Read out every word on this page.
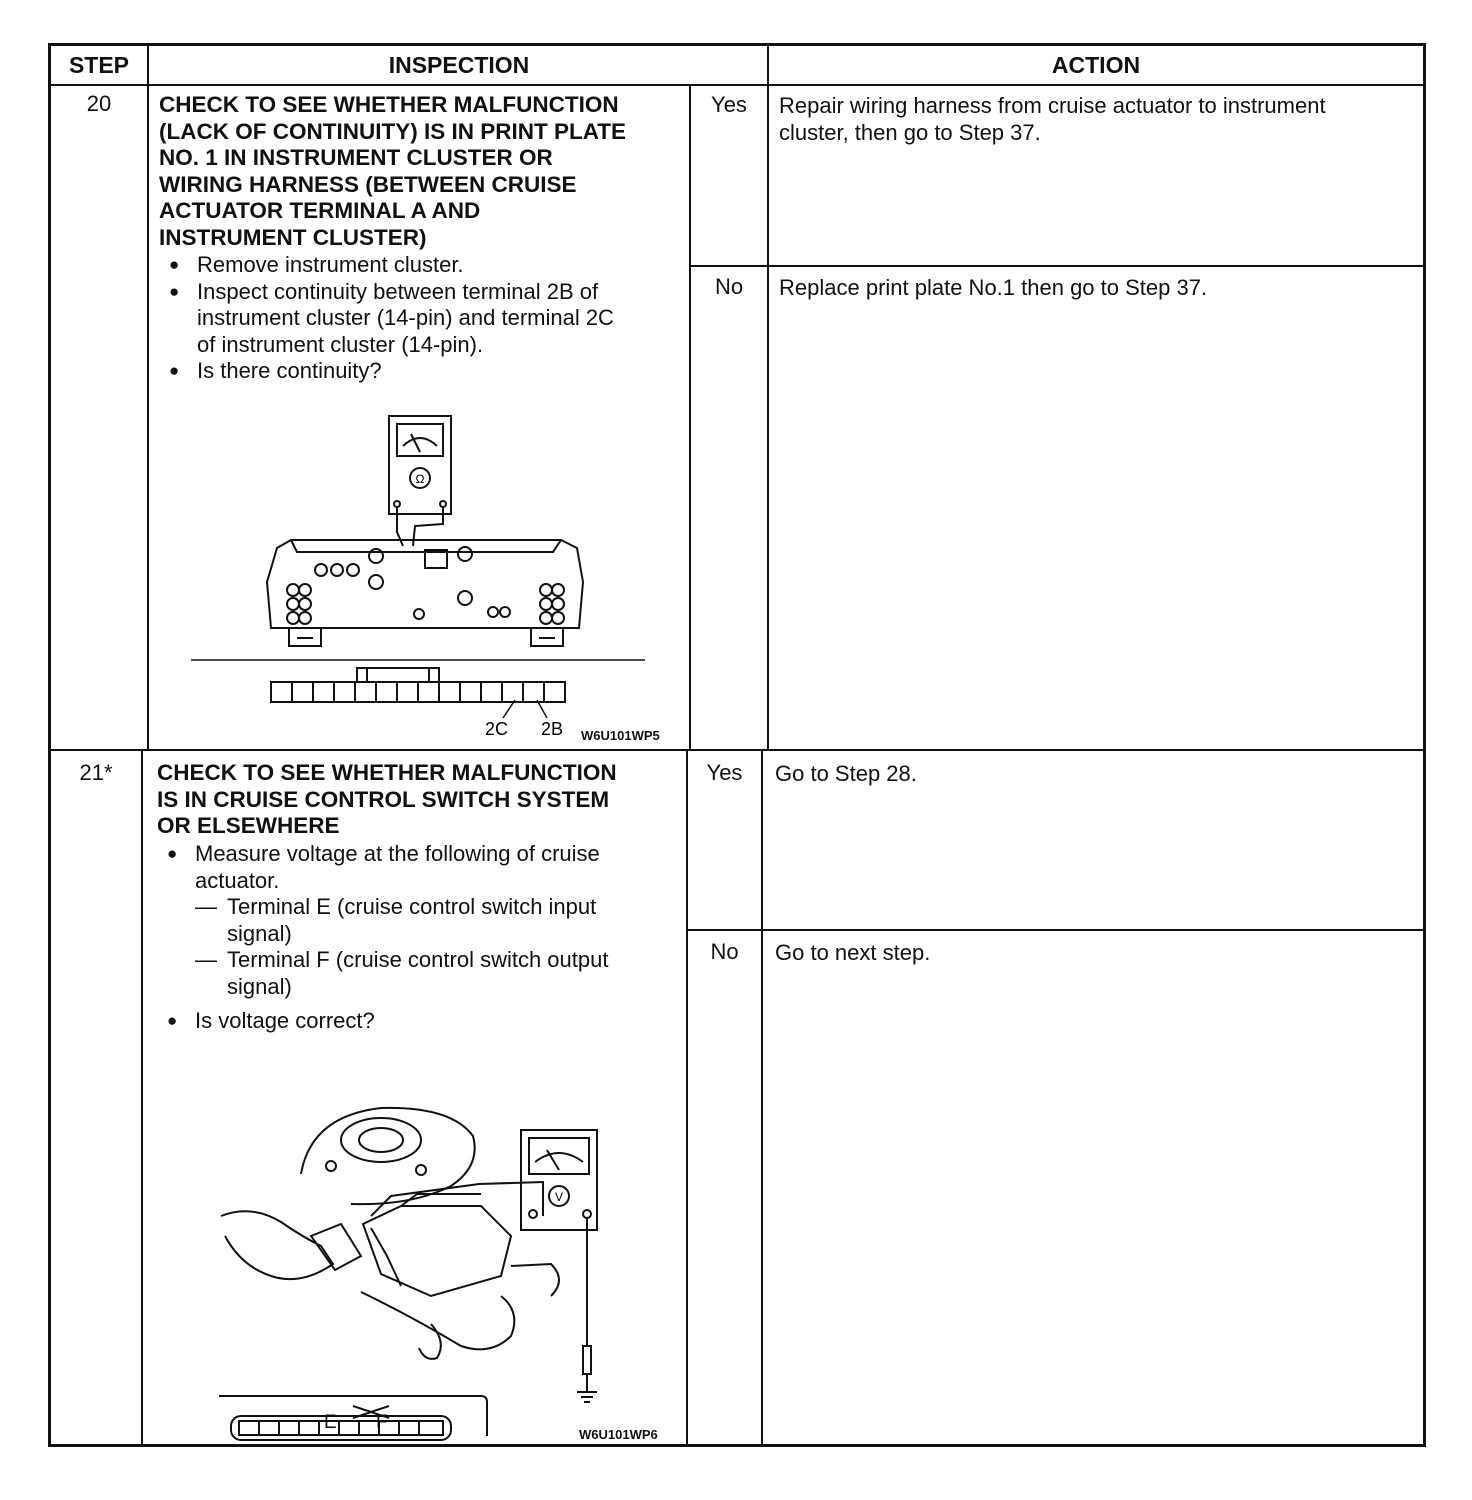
STEP	INSPECTION	ACTION
20	CHECK TO SEE WHETHER MALFUNCTION
(LACK OF CONTINUITY) IS IN PRINT PLATE
NO. 1 IN INSTRUMENT CLUSTER OR
WIRING HARNESS (BETWEEN CRUISE
ACTUATOR TERMINAL A AND
INSTRUMENT CLUSTER)
● Remove instrument cluster.
● Inspect continuity between terminal 2B of
instrument cluster (14-pin) and terminal 2C
of instrument cluster (14-pin).
● Is there continuity?
Ω
2C 2B W6U101WP5
Yes	Repair wiring harness from cruise actuator to instrument
cluster, then go to Step 37.
No	Replace print plate No.1 then go to Step 37.
21*	CHECK TO SEE WHETHER MALFUNCTION
IS IN CRUISE CONTROL SWITCH SYSTEM
OR ELSEWHERE
● Measure voltage at the following of cruise
actuator.
— Terminal E (cruise control switch input
signal)
— Terminal F (cruise control switch output
signal)
● Is voltage correct?
V
E F
W6U101WP6
Yes	Go to Step 28.
No	Go to next step.
